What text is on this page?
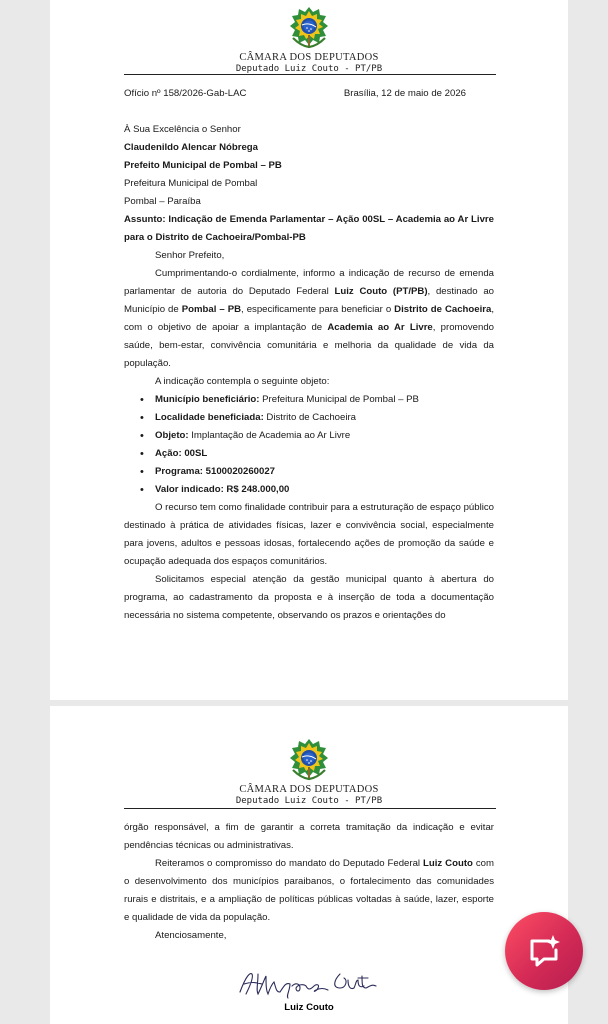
CÂMARA DOS DEPUTADOS
Deputado Luiz Couto - PT/PB
Ofício nº 158/2026-Gab-LAC	Brasília, 12 de maio de 2026

À Sua Excelência o Senhor

Claudenildo Alencar Nóbrega

Prefeito Municipal de Pombal – PB

Prefeitura Municipal de Pombal

Pombal – Paraíba

Assunto: Indicação de Emenda Parlamentar – Ação 00SL – Academia ao Ar Livre para o Distrito de Cachoeira/Pombal-PB

Senhor Prefeito,

Cumprimentando-o cordialmente, informo a indicação de recurso de emenda parlamentar de autoria do Deputado Federal Luiz Couto (PT/PB), destinado ao Município de Pombal – PB, especificamente para beneficiar o Distrito de Cachoeira, com o objetivo de apoiar a implantação de Academia ao Ar Livre, promovendo saúde, bem-estar, convivência comunitária e melhoria da qualidade de vida da população.

A indicação contempla o seguinte objeto:

• Município beneficiário: Prefeitura Municipal de Pombal – PB
• Localidade beneficiada: Distrito de Cachoeira
• Objeto: Implantação de Academia ao Ar Livre
• Ação: 00SL
• Programa: 5100020260027
• Valor indicado: R$ 248.000,00

O recurso tem como finalidade contribuir para a estruturação de espaço público destinado à prática de atividades físicas, lazer e convivência social, especialmente para jovens, adultos e pessoas idosas, fortalecendo ações de promoção da saúde e ocupação adequada dos espaços comunitários.

Solicitamos especial atenção da gestão municipal quanto à abertura do programa, ao cadastramento da proposta e à inserção de toda a documentação necessária no sistema competente, observando os prazos e orientações do

CÂMARA DOS DEPUTADOS
Deputado Luiz Couto - PT/PB

órgão responsável, a fim de garantir a correta tramitação da indicação e evitar pendências técnicas ou administrativas.

Reiteramos o compromisso do mandato do Deputado Federal Luiz Couto com o desenvolvimento dos municípios paraibanos, o fortalecimento das comunidades rurais e distritais, e a ampliação de políticas públicas voltadas à saúde, lazer, esporte e qualidade de vida da população.

Atenciosamente,

Luiz Couto
